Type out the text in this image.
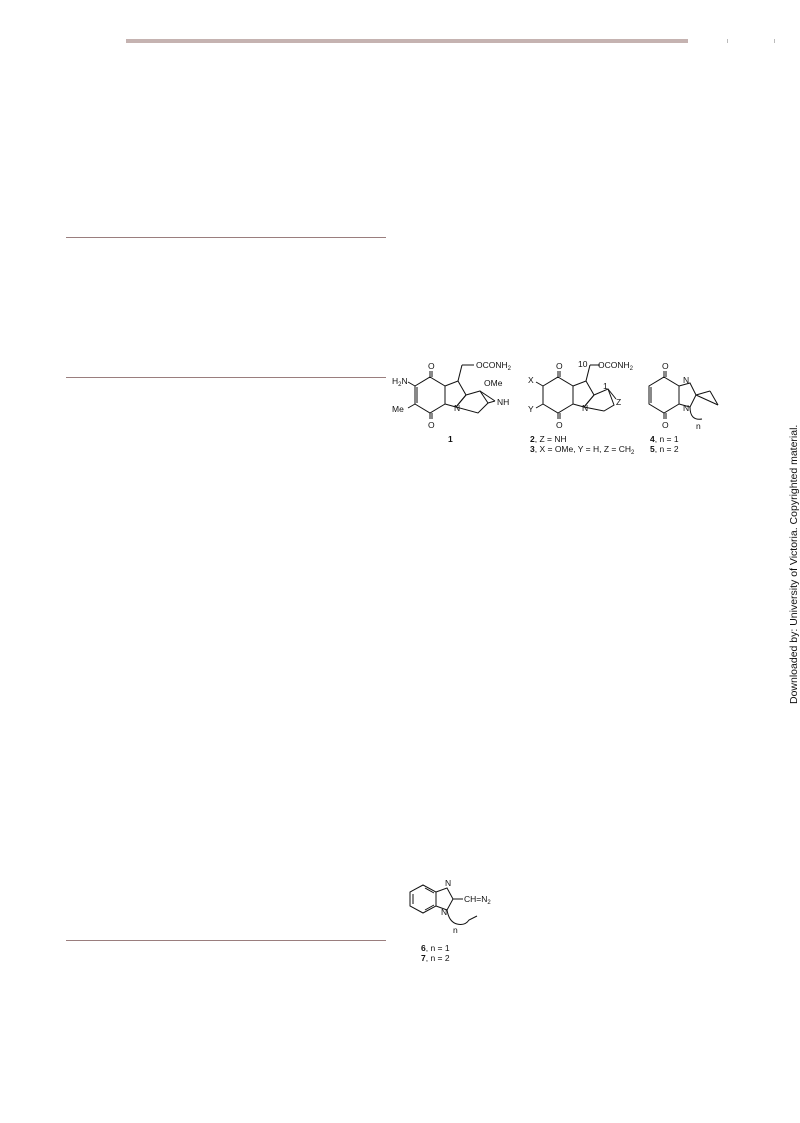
Downloaded by: University of Victoria. Copyrighted material.
O
O
$OCONH_2$
$H_2N$
Me
OMe
NH
N
1
O
O
X
Y
10 $OCONH_2$
1
Z
N
2, Z = NH
3, X = OMe, Y = H, $Z = CH_2$
O
O
N
N
n
4, n = 1
5, n = 2
N
N
$CH=N_2$
n
6, n = 1
7, n = 2
